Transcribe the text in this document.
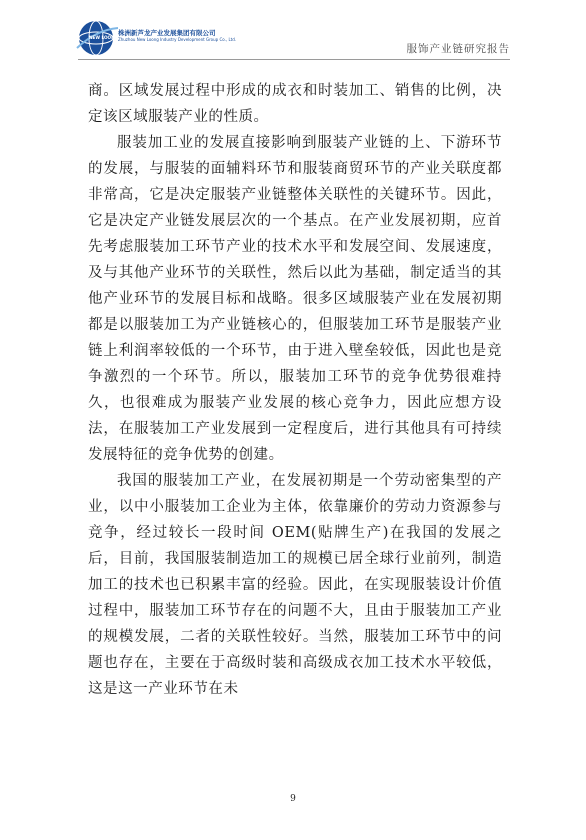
NEW LOONG GROUP
株洲新芦龙产业发展集团有限公司
Zhuzhou New Loong Industry Development Group Co., Ltd.
服饰产业链研究报告

商。区域发展过程中形成的成衣和时装加工、销售的比例，决定该区域服装产业的性质。

服装加工业的发展直接影响到服装产业链的上、下游环节的发展，与服装的面辅料环节和服装商贸环节的产业关联度都非常高，它是决定服装产业链整体关联性的关键环节。因此，它是决定产业链发展层次的一个基点。在产业发展初期，应首先考虑服装加工环节产业的技术水平和发展空间、发展速度，及与其他产业环节的关联性，然后以此为基础，制定适当的其他产业环节的发展目标和战略。很多区域服装产业在发展初期都是以服装加工为产业链核心的，但服装加工环节是服装产业链上利润率较低的一个环节，由于进入壁垒较低，因此也是竞争激烈的一个环节。所以，服装加工环节的竞争优势很难持久，也很难成为服装产业发展的核心竞争力，因此应想方设法，在服装加工产业发展到一定程度后，进行其他具有可持续发展特征的竞争优势的创建。

我国的服装加工产业，在发展初期是一个劳动密集型的产业，以中小服装加工企业为主体，依靠廉价的劳动力资源参与竞争，经过较长一段时间 OEM(贴牌生产)在我国的发展之后，目前，我国服装制造加工的规模已居全球行业前列，制造加工的技术也已积累丰富的经验。因此，在实现服装设计价值过程中，服装加工环节存在的问题不大，且由于服装加工产业的规模发展，二者的关联性较好。当然，服装加工环节中的问题也存在，主要在于高级时装和高级成衣加工技术水平较低，这是这一产业环节在未

9
